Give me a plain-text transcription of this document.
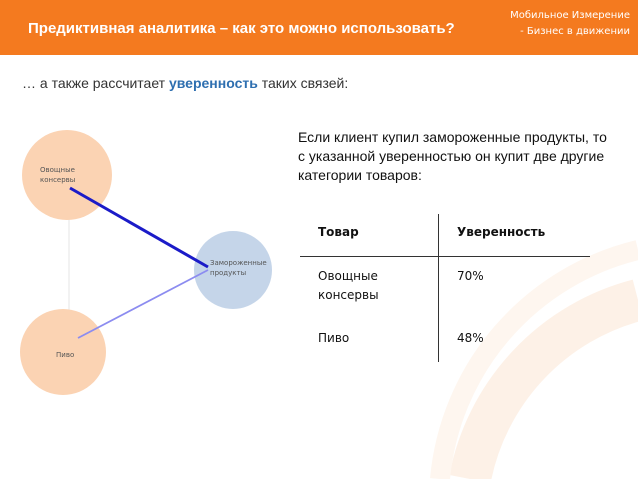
Предиктивная аналитика – как это можно использовать?
Мобильное Измерение
- Бизнес в движении
… а также рассчитает уверенность таких связей:
Овощные
консервы
Замороженные
продукты
Пиво
Если клиент купил замороженные продукты, то с указанной уверенностью он купит две другие категории товаров:
Товар	Уверенность
Овощные консервы	70%
Пиво	48%
